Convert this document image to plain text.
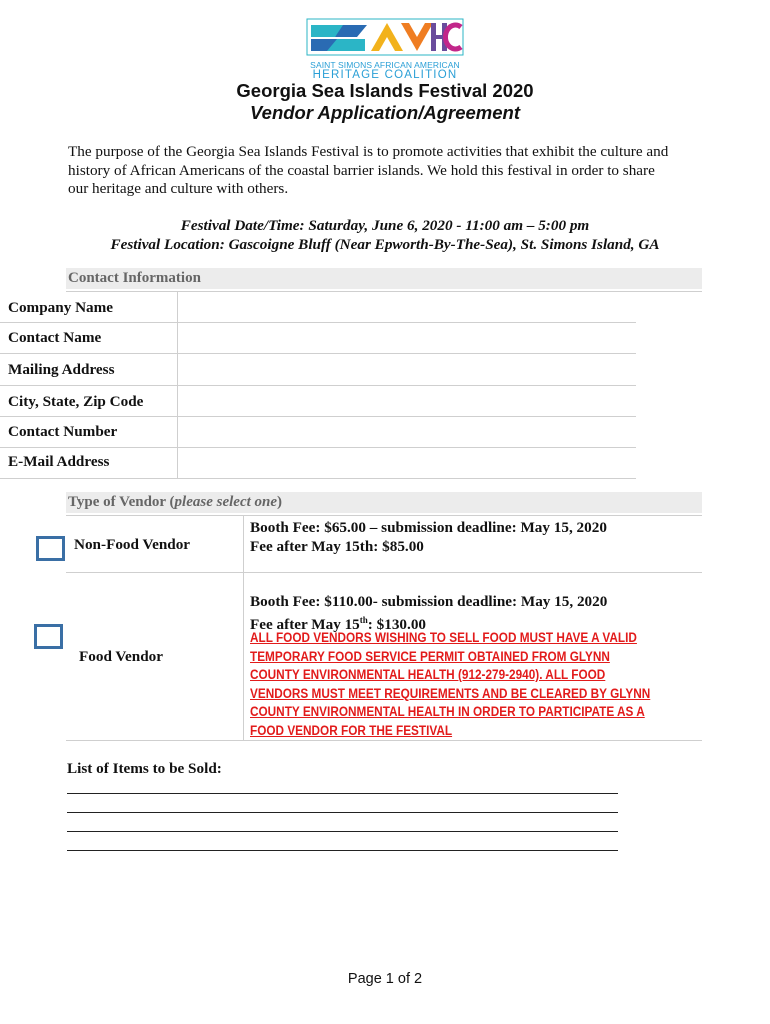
SAINT SIMONS AFRICAN AMERICAN
HERITAGE COALITION
Georgia Sea Islands Festival 2020
Vendor Application/Agreement
The purpose of the Georgia Sea Islands Festival is to promote activities that exhibit the culture and
history of African Americans of the coastal barrier islands. We hold this festival in order to share
our heritage and culture with others.
Festival Date/Time: Saturday, June 6, 2020 - 11:00 am – 5:00 pm
Festival Location: Gascoigne Bluff (Near Epworth-By-The-Sea), St. Simons Island, GA
Contact Information
Company Name
Contact Name
Mailing Address
City, State, Zip Code
Contact Number
E-Mail Address
Type of Vendor (please select one)
Non-Food Vendor
Booth Fee: $65.00 – submission deadline: May 15, 2020
Fee after May 15th: $85.00
Food Vendor
Booth Fee: $110.00- submission deadline: May 15, 2020
Fee after May 15th: $130.00
ALL FOOD VENDORS WISHING TO SELL FOOD MUST HAVE A VALID
TEMPORARY FOOD SERVICE PERMIT OBTAINED FROM GLYNN
COUNTY ENVIRONMENTAL HEALTH (912-279-2940). ALL FOOD
VENDORS MUST MEET REQUIREMENTS AND BE CLEARED BY GLYNN
COUNTY ENVIRONMENTAL HEALTH IN ORDER TO PARTICIPATE AS A
FOOD VENDOR FOR THE FESTIVAL
List of Items to be Sold:
Page 1 of 2
